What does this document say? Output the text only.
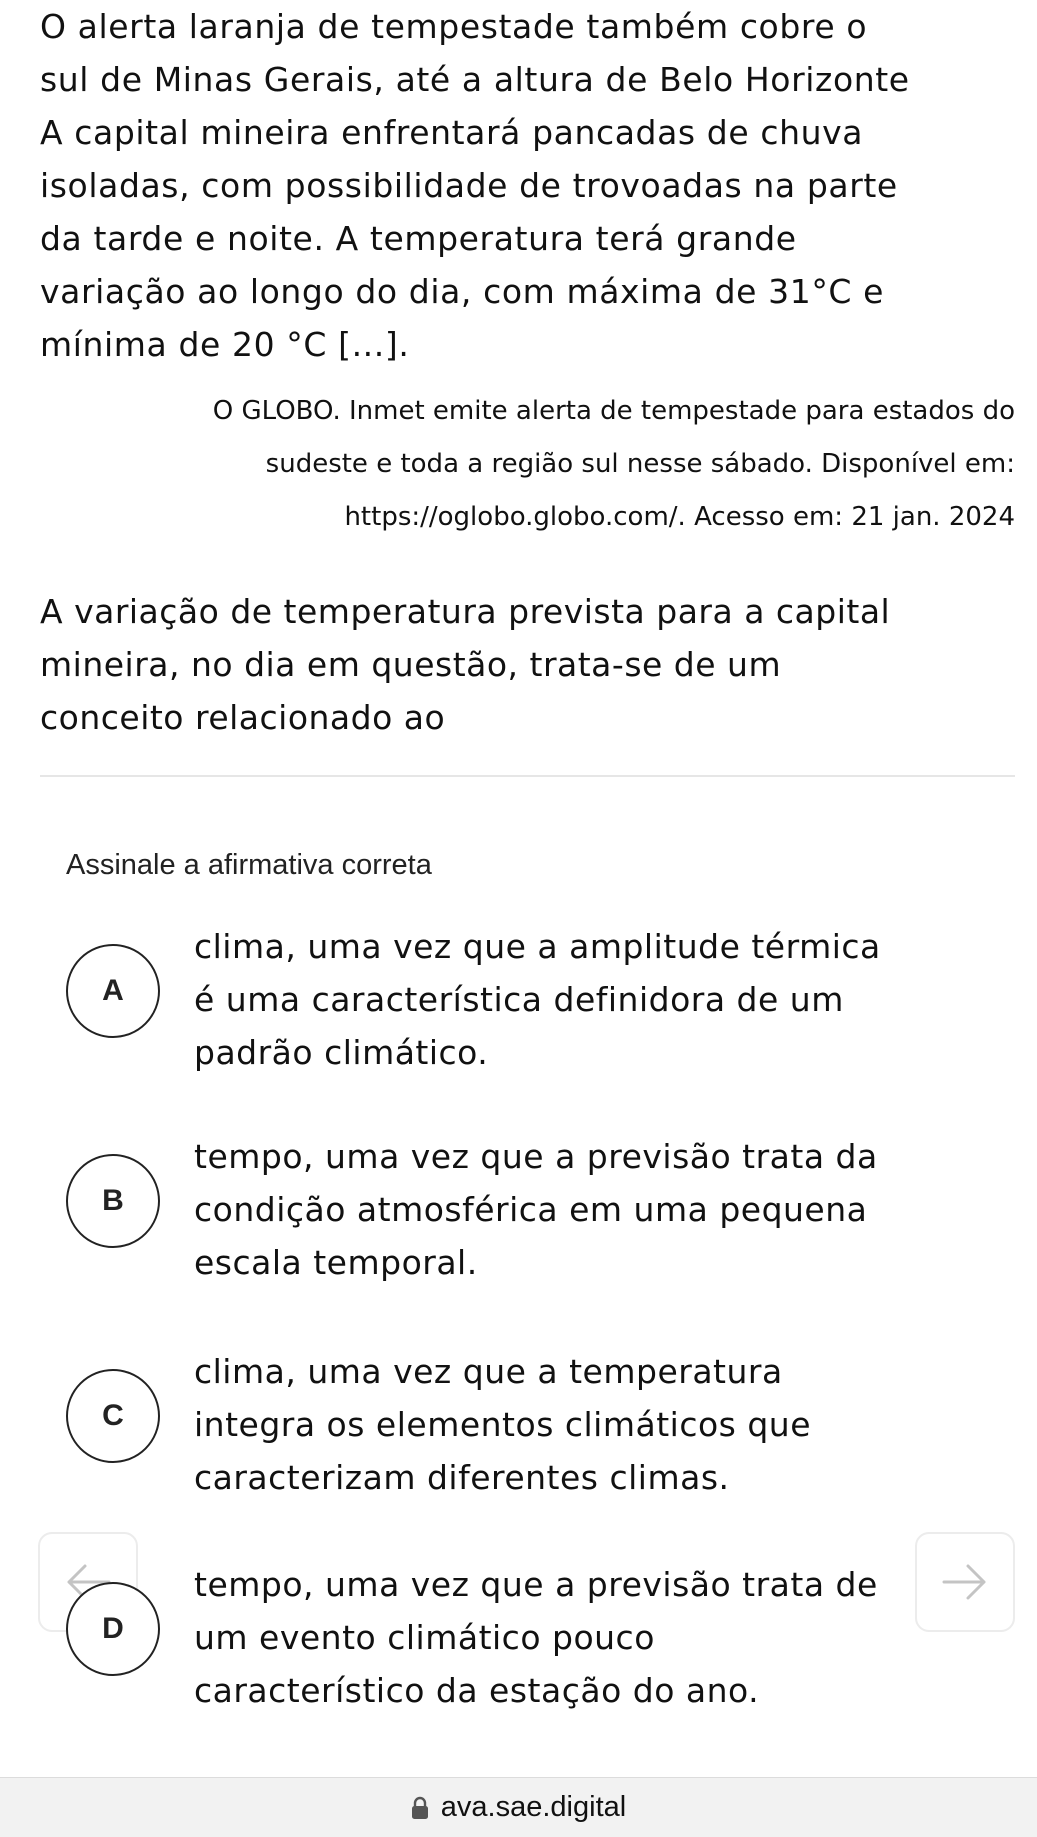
O alerta laranja de tempestade também cobre o
sul de Minas Gerais, até a altura de Belo Horizonte
A capital mineira enfrentará pancadas de chuva
isoladas, com possibilidade de trovoadas na parte
da tarde e noite. A temperatura terá grande
variação ao longo do dia, com máxima de 31°C e
mínima de 20 °C [...].

O GLOBO. Inmet emite alerta de tempestade para estados do
sudeste e toda a região sul nesse sábado. Disponível em:
https://oglobo.globo.com/. Acesso em: 21 jan. 2024

A variação de temperatura prevista para a capital
mineira, no dia em questão, trata-se de um
conceito relacionado ao

Assinale a afirmativa correta

A

clima, uma vez que a amplitude térmica
é uma característica definidora de um
padrão climático.

B

tempo, uma vez que a previsão trata da
condição atmosférica em uma pequena
escala temporal.

C

clima, uma vez que a temperatura
integra os elementos climáticos que
caracterizam diferentes climas.

D

tempo, uma vez que a previsão trata de
um evento climático pouco
característico da estação do ano.

ava.sae.digital
